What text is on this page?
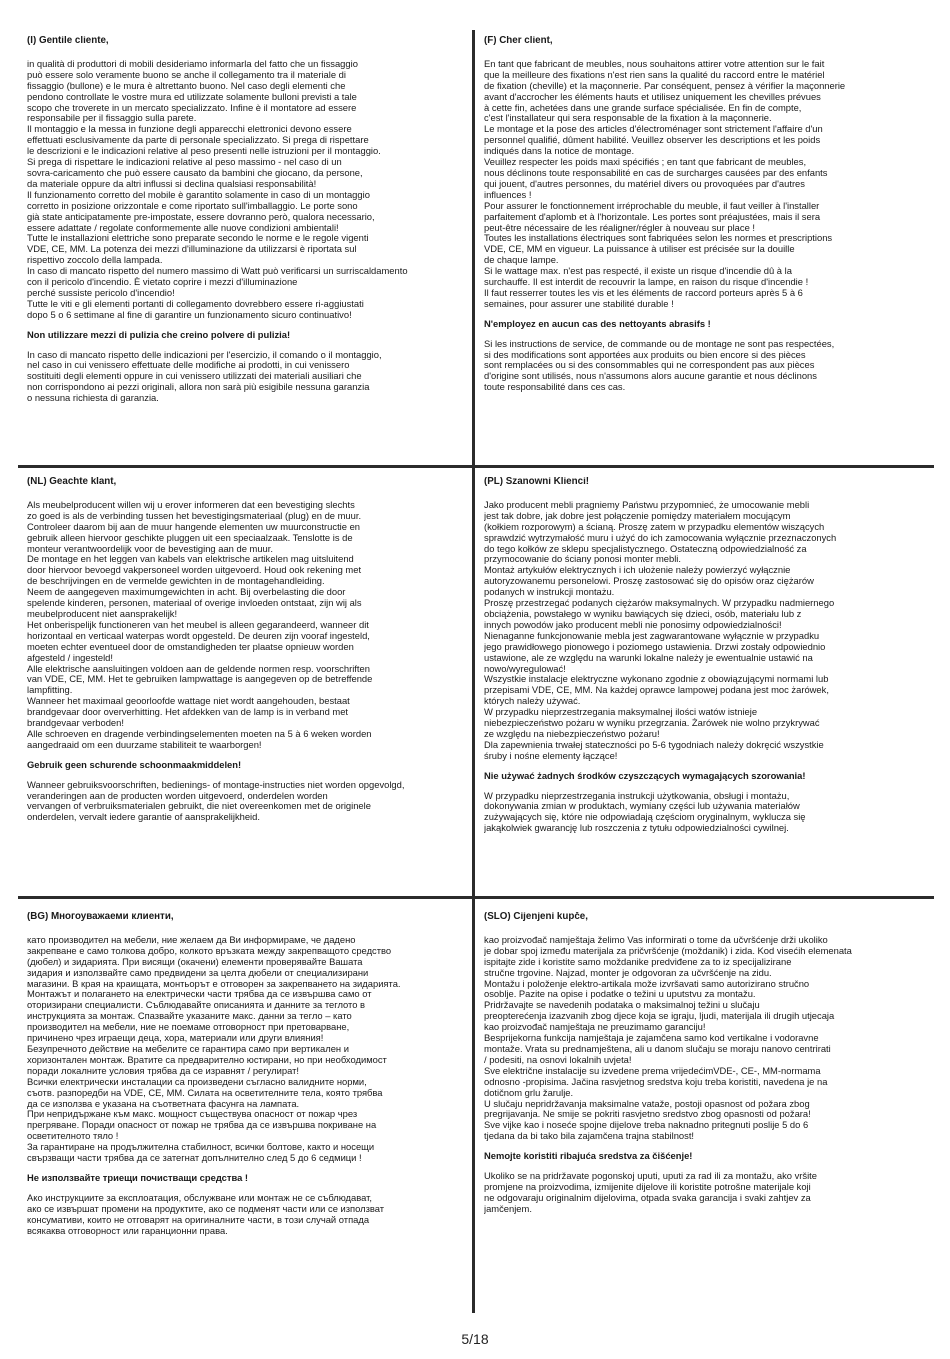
(I) Gentile cliente,
in qualità di produttori di mobili desideriamo informarla del fatto che un fissaggio
può essere solo veramente buono se anche il collegamento tra il materiale di
fissaggio (bullone) e le mura è altrettanto buono. Nel caso degli elementi che
pendono controllate le vostre mura ed utilizzate solamente bulloni previsti a tale
scopo che troverete in un mercato specializzato. Infine è il montatore ad essere
responsabile per il fissaggio sulla parete.
Il montaggio e la messa in funzione degli apparecchi elettronici devono essere
effettuati esclusivamente da parte di personale specializzato. Si prega di rispettare
le descrizioni e le indicazioni relative al peso presenti nelle istruzioni per il montaggio.
Si prega di rispettare le indicazioni relative al peso massimo - nel caso di un
sovra-caricamento che può essere causato da bambini che giocano, da persone,
da materiale oppure da altri influssi si declina qualsiasi responsabilità!
Il funzionamento corretto del mobile è garantito solamente in caso di un montaggio
corretto in posizione orizzontale e come riportato sull'imballaggio. Le porte sono
già state anticipatamente pre-impostate, essere dovranno però, qualora necessario,
essere adattate / regolate conformemente alle nuove condizioni ambientali!
Tutte le installazioni elettriche sono preparate secondo le norme e le regole vigenti
VDE, CE, MM. La potenza dei mezzi d'illuminazione da utilizzarsi è riportata sul
rispettivo zoccolo della lampada.
In caso di mancato rispetto del numero massimo di Watt può verificarsi un surriscaldamento
con il pericolo d'incendio. È vietato coprire i mezzi d'illuminazione
perché sussiste pericolo d'incendio!
Tutte le viti e gli elementi portanti di collegamento dovrebbero essere ri-aggiustati
dopo 5 o 6 settimane al fine di garantire un funzionamento sicuro continuativo!
Non utilizzare mezzi di pulizia che creino polvere di pulizia!
In caso di mancato rispetto delle indicazioni per l'esercizio, il comando o il montaggio,
nel caso in cui venissero effettuate delle modifiche ai prodotti, in cui venissero
sostituiti degli elementi oppure in cui venissero utilizzati dei materiali ausiliari che
non corrispondono ai pezzi originali, allora non sarà più esigibile nessuna garanzia
o nessuna richiesta di garanzia.
(F) Cher client,
En tant que fabricant de meubles, nous souhaitons attirer votre attention sur le fait
que la meilleure des fixations n'est rien sans la qualité du raccord entre le matériel
de fixation (cheville) et la maçonnerie. Par conséquent, pensez à vérifier la maçonnerie
avant d'accrocher les éléments hauts et utilisez uniquement les chevilles prévues
à cette fin, achetées dans une grande surface spécialisée. En fin de compte,
c'est l'installateur qui sera responsable de la fixation à la maçonnerie.
Le montage et la pose des articles d'électroménager sont strictement l'affaire d'un
personnel qualifié, dûment habilité. Veuillez observer les descriptions et les poids
indiqués dans la notice de montage.
Veuillez respecter les poids maxi spécifiés ; en tant que fabricant de meubles,
nous déclinons toute responsabilité en cas de surcharges causées par des enfants
qui jouent, d'autres personnes, du matériel divers ou provoquées par d'autres
influences !
Pour assurer le fonctionnement irréprochable du meuble, il faut veiller à l'installer
parfaitement d'aplomb et à l'horizontale. Les portes sont préajustées, mais il sera
peut-être nécessaire de les réaligner/régler à nouveau sur place !
Toutes les installations électriques sont fabriquées selon les normes et prescriptions
VDE, CE, MM en vigueur. La puissance à utiliser est précisée sur la douille
de chaque lampe.
Si le wattage max. n'est pas respecté, il existe un risque d'incendie dû à la
surchauffe. Il est interdit de recouvrir la lampe, en raison du risque d'incendie !
Il faut resserrer toutes les vis et les éléments de raccord porteurs après 5 à 6
semaines, pour assurer une stabilité durable !
N'employez en aucun cas des nettoyants abrasifs !
Si les instructions de service, de commande ou de montage ne sont pas respectées,
si des modifications sont apportées aux produits ou bien encore si des pièces
sont remplacées ou si des consommables qui ne correspondent pas aux pièces
d'origine sont utilisés, nous n'assumons alors aucune garantie et nous déclinons
toute responsabilité dans ces cas.
(NL) Geachte klant,
Als meubelproducent willen wij u erover informeren dat een bevestiging slechts
zo goed is als de verbinding tussen het bevestigingsmateriaal (plug) en de muur.
Controleer daarom bij aan de muur hangende elementen uw muurconstructie en
gebruik alleen hiervoor geschikte pluggen uit een speciaalzaak. Tenslotte is de
monteur verantwoordelijk voor de bevestiging aan de muur.
De montage en het leggen van kabels van elektrische artikelen mag uitsluitend
door hiervoor bevoegd vakpersoneel worden uitgevoerd. Houd ook rekening met
de beschrijvingen en de vermelde gewichten in de montagehandleiding.
Neem de aangegeven maximumgewichten in acht. Bij overbelasting die door
spelende kinderen, personen, materiaal of overige invloeden ontstaat, zijn wij als
meubelproducent niet aansprakelijk!
Het onberispelijk functioneren van het meubel is alleen gegarandeerd, wanneer dit
horizontaal en verticaal waterpas wordt opgesteld. De deuren zijn vooraf ingesteld,
moeten echter eventueel door de omstandigheden ter plaatse opnieuw worden
afgesteld / ingesteld!
Alle elektrische aansluitingen voldoen aan de geldende normen resp. voorschriften
van VDE, CE, MM. Het te gebruiken lampwattage is aangegeven op de betreffende
lampfitting.
Wanneer het maximaal geoorloofde wattage niet wordt aangehouden, bestaat
brandgevaar door oververhitting. Het afdekken van de lamp is in verband met
brandgevaar verboden!
Alle schroeven en dragende verbindingselementen moeten na 5 à 6 weken worden
aangedraaid om een duurzame stabiliteit te waarborgen!
Gebruik geen schurende schoonmaakmiddelen!
Wanneer gebruiksvoorschriften, bedienings- of montage-instructies niet worden opgevolgd,
veranderingen aan de producten worden uitgevoerd, onderdelen worden
vervangen of verbruiksmaterialen gebruikt, die niet overeenkomen met de originele
onderdelen, vervalt iedere garantie of aansprakelijkheid.
(PL) Szanowni Klienci!
Jako producent mebli pragniemy Państwu przypomnieć, że umocowanie mebli
jest tak dobre, jak dobre jest połączenie pomiędzy materiałem mocującym
(kołkiem rozporowym) a ścianą. Proszę zatem w przypadku elementów wiszących
sprawdzić wytrzymałość muru i użyć do ich zamocowania wyłącznie przeznaczonych
do tego kołków ze sklepu specjalistycznego. Ostateczną odpowiedzialność za
przymocowanie do ściany ponosi monter mebli.
Montaż artykułów elektrycznych i ich ułożenie należy powierzyć wyłącznie
autoryzowanemu personelowi. Proszę zastosować się do opisów oraz ciężarów
podanych w instrukcji montażu.
Proszę przestrzegać podanych ciężarów maksymalnych. W przypadku nadmiernego
obciążenia, powstałego w wyniku bawiących się dzieci, osób, materiału lub z
innych powodów jako producent mebli nie ponosimy odpowiedzialności!
Nienaganne funkcjonowanie mebla jest zagwarantowane wyłącznie w przypadku
jego prawidłowego pionowego i poziomego ustawienia. Drzwi zostały odpowiednio
ustawione, ale ze względu na warunki lokalne należy je ewentualnie ustawić na
nowo/wyregulować!
Wszystkie instalacje elektryczne wykonano zgodnie z obowiązującymi normami lub
przepisami VDE, CE, MM. Na każdej oprawce lampowej podana jest moc żarówek,
których należy używać.
W przypadku nieprzestrzegania maksymalnej ilości watów istnieje
niebezpieczeństwo pożaru w wyniku przegrzania. Żarówek nie wolno przykrywać
ze względu na niebezpieczeństwo pożaru!
Dla zapewnienia trwałej stateczności po 5-6 tygodniach należy dokręcić wszystkie
śruby i nośne elementy łączące!
Nie używać żadnych środków czyszczących wymagających szorowania!
W przypadku nieprzestrzegania instrukcji użytkowania, obsługi i montażu,
dokonywania zmian w produktach, wymiany części lub używania materiałów
zużywających się, które nie odpowiadają częściom oryginalnym, wyklucza się
jakąkolwiek gwarancję lub roszczenia z tytułu odpowiedzialności cywilnej.
(BG) Многоуважаеми клиенти,
като производител на мебели, ние желаем да Ви информираме, че дадено
закрепване е само толкова добро, колкото връзката между закрепващото средство
(дюбел) и зидарията. При висящи (окачени) елементи проверявайте Вашата
зидария и използвайте само предвидени за целта дюбели от специализирани
магазини. В края на краищата, монтьорът е отговорен за закрепването на зидарията.
Монтажът и полагането на електрически части трябва да се извършва само от
оторизирани специалисти. Съблюдавайте описанията и данните за теглото в
инструкцията за монтаж. Спазвайте указаните макс. данни за тегло – като
производител на мебели, ние не поемаме отговорност при претоварване,
причинено чрез играещи деца, хора, материали или други влияния!
Безупречното действие на мебелите се гарантира само при вертикален и
хоризонтален монтаж. Вратите са предварително юстирани, но при необходимост
поради локалните условия трябва да се изравнят / регулират!
Всички електрически инсталации са произведени съгласно валидните норми,
съотв. разпоредби на VDE, CE, MM. Силата на осветителните тела, която трябва
да се използва е указана на съответната фасунга на лампата.
При непридържане към макс. мощност съществува опасност от пожар чрез
прегряване. Поради опасност от пожар не трябва да се извършва покриване на
осветителното тяло !
За гарантиране на продължителна стабилност, всички болтове, както и носещи
свързващи части трябва да се затегнат допълнително след 5 до 6 седмици !
Не използвайте триещи почистващи средства !
Ако инструкциите за експлоатация, обслужване или монтаж не се съблюдават,
ако се извършат промени на продуктите, ако се подменят части или се използват
консумативи, които не отговарят на оригиналните части, в този случай отпада
всякаква отговорност или гаранционни права.
(SLO) Cijenjeni kupče,
kao proizvođač namještaja želimo Vas informirati o tome da učvršćenje drži ukoliko
je dobar spoj između materijala za pričvršćenje (moždanik) i zida. Kod visećih elemenata
ispitajte zide i koristite samo moždanike predviđene za to iz specijalizirane
stručne trgovine. Najzad, monter je odgovoran za učvršćenje na zidu.
Montažu i položenje elektro-artikala može izvršavati samo autorizirano stručno
osoblje. Pazite na opise i podatke o težini u uputstvu za montažu.
Pridržavajte se navedenih podataka o maksimalnoj težini u slučaju
preopterećenja izazvanih zbog djece koja se igraju, ljudi, materijala ili drugih utjecaja
kao proizvođač namještaja ne preuzimamo garanciju!
Besprijekorna funkcija namještaja je zajamčena samo kod vertikalne i vodoravne
montaže. Vrata su prednamještena, ali u danom slučaju se moraju nanovo centrirati
/ podesiti, na osnovi lokalnih uvjeta!
Sve električne instalacije su izvedene prema vrijedećimVDE-, CE-, MM-normama
odnosno -propisima. Jačina rasvjetnog sredstva koju treba koristiti, navedena je na
dotičnom grlu žarulje.
U slučaju nepridržavanja maksimalne vataže, postoji opasnost od požara zbog
pregrijavanja. Ne smije se pokriti rasvjetno sredstvo zbog opasnosti od požara!
Sve vijke kao i nosеće spojne dijelove treba naknadno pritegnuti poslije 5 do 6
tjedana da bi tako bila zajamčena trajna stabilnost!
Nemojte koristiti ribajuća sredstva za čišćenje!
Ukoliko se na pridržavate pogonskoj uputi, uputi za rad ili za montažu, ako vršite
promjene na proizvodima, izmijenite dijelove ili koristite potrošne materijale koji
ne odgovaraju originalnim dijelovima, otpada svaka garancija i svaki zahtjev za
jamčenjem.
5/18
